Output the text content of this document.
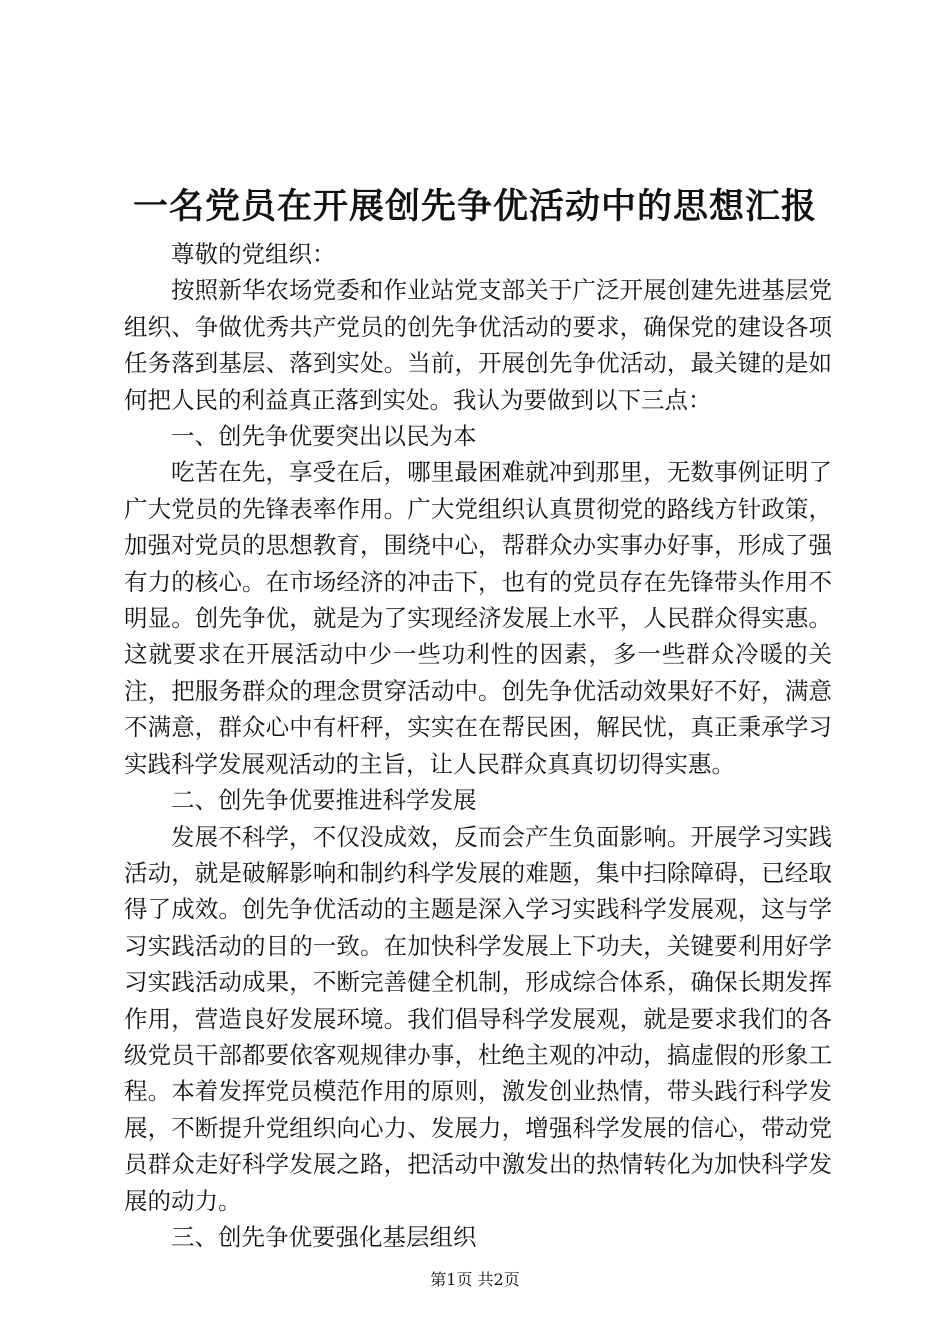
一名党员在开展创先争优活动中的思想汇报

尊敬的党组织：

按照新华农场党委和作业站党支部关于广泛开展创建先进基层党组织、争做优秀共产党员的创先争优活动的要求，确保党的建设各项任务落到基层、落到实处。当前，开展创先争优活动，最关键的是如何把人民的利益真正落到实处。我认为要做到以下三点：

一、创先争优要突出以民为本

吃苦在先，享受在后，哪里最困难就冲到那里，无数事例证明了广大党员的先锋表率作用。广大党组织认真贯彻党的路线方针政策，加强对党员的思想教育，围绕中心，帮群众办实事办好事，形成了强有力的核心。在市场经济的冲击下，也有的党员存在先锋带头作用不明显。创先争优，就是为了实现经济发展上水平，人民群众得实惠。这就要求在开展活动中少一些功利性的因素，多一些群众冷暖的关注，把服务群众的理念贯穿活动中。创先争优活动效果好不好，满意不满意，群众心中有杆秤，实实在在帮民困，解民忧，真正秉承学习实践科学发展观活动的主旨，让人民群众真真切切得实惠。

二、创先争优要推进科学发展

发展不科学，不仅没成效，反而会产生负面影响。开展学习实践活动，就是破解影响和制约科学发展的难题，集中扫除障碍，已经取得了成效。创先争优活动的主题是深入学习实践科学发展观，这与学习实践活动的目的一致。在加快科学发展上下功夫，关键要利用好学习实践活动成果，不断完善健全机制，形成综合体系，确保长期发挥作用，营造良好发展环境。我们倡导科学发展观，就是要求我们的各级党员干部都要依客观规律办事，杜绝主观的冲动，搞虚假的形象工程。本着发挥党员模范作用的原则，激发创业热情，带头践行科学发展，不断提升党组织向心力、发展力，增强科学发展的信心，带动党员群众走好科学发展之路，把活动中激发出的热情转化为加快科学发展的动力。

三、创先争优要强化基层组织

第1页 共2页
